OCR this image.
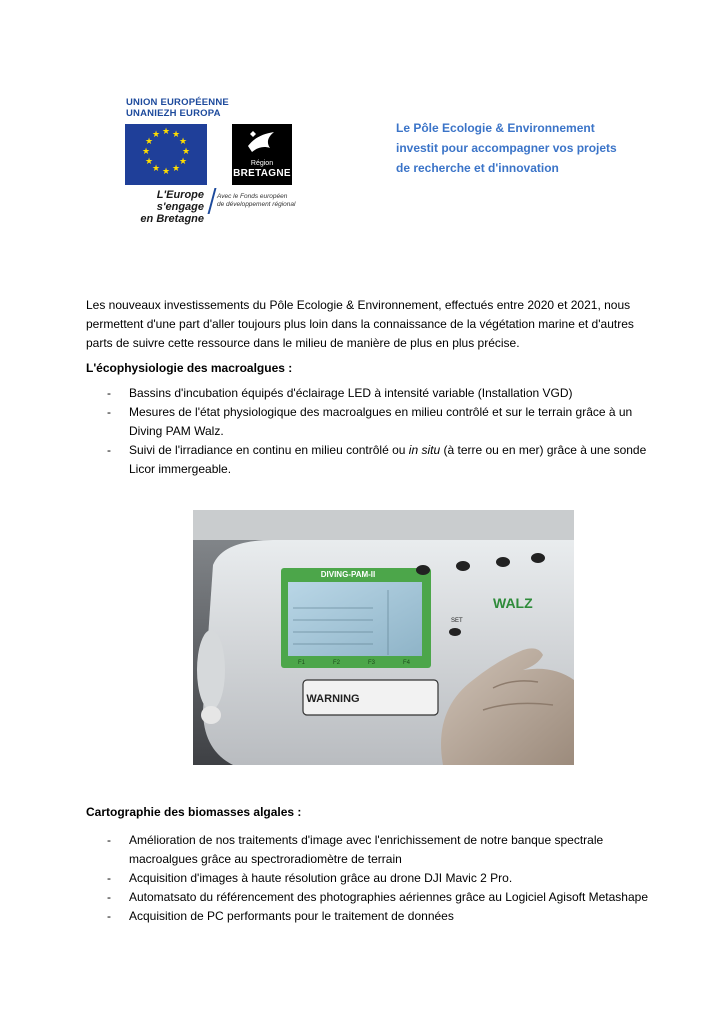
UNION EUROPÉENNE
UNANIEZH EUROPA
★ ★
★
★
★
★
★
★
★
★
★
★
Région
BRETAGNE
L'Europe s'engage
en Bretagne
Avec le Fonds européen
de développement régional
Le Pôle Ecologie & Environnement
investit pour accompagner vos projets
de recherche et d'innovation
Les nouveaux investissements du Pôle Ecologie & Environnement, effectués entre 2020 et 2021, nous permettent d'une part d'aller toujours plus loin dans la connaissance de la végétation marine et d'autres parts de suivre cette ressource dans le milieu de manière de plus en plus précise.
L'écophysiologie des macroalgues :
- Bassins d'incubation équipés d'éclairage LED à intensité variable (Installation VGD)
- Mesures de l'état physiologique des macroalgues en milieu contrôlé et sur le terrain grâce à un Diving PAM Walz.
- Suivi de l'irradiance en continu en milieu contrôlé ou in situ (à terre ou en mer) grâce à une sonde Licor immergeable.
DIVING-PAM-II
F1	F2	F3	F4
WARNING
WALZ
SET
Cartographie des biomasses algales :
- Amélioration de nos traitements d'image avec l'enrichissement de notre banque spectrale macroalgues grâce au spectroradiomètre de terrain
- Acquisition d'images à haute résolution grâce au drone DJI Mavic 2 Pro.
- Automatsato du référencement des photographies aériennes grâce au Logiciel Agisoft Metashape
- Acquisition de PC performants pour le traitement de données
